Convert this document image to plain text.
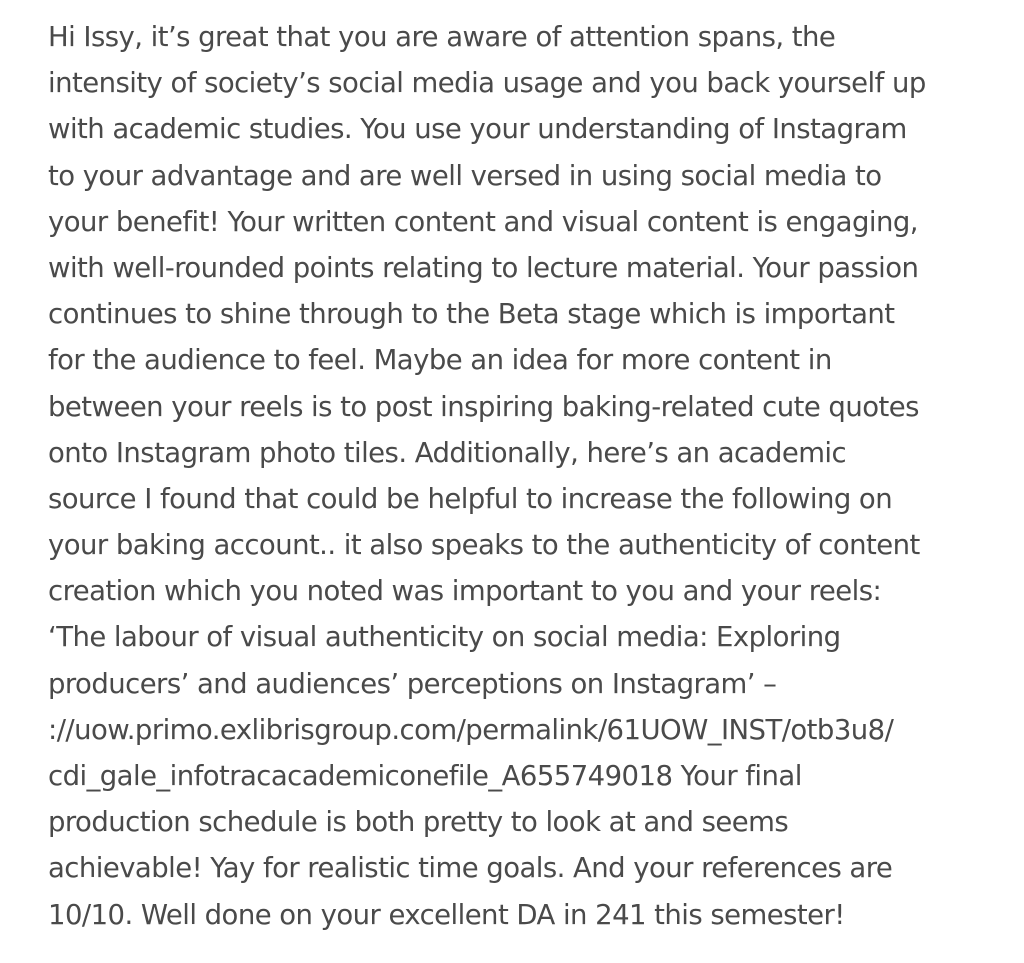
Hi Issy, it’s great that you are aware of attention spans, the
intensity of society’s social media usage and you back yourself up
with academic studies. You use your understanding of Instagram
to your advantage and are well versed in using social media to
your benefit! Your written content and visual content is engaging,
with well-rounded points relating to lecture material. Your passion
continues to shine through to the Beta stage which is important
for the audience to feel. Maybe an idea for more content in
between your reels is to post inspiring baking-related cute quotes
onto Instagram photo tiles. Additionally, here’s an academic
source I found that could be helpful to increase the following on
your baking account.. it also speaks to the authenticity of content
creation which you noted was important to you and your reels:
‘The labour of visual authenticity on social media: Exploring
producers’ and audiences’ perceptions on Instagram’ –
://uow.primo.exlibrisgroup.com/permalink/61UOW_INST/otb3u8/
cdi_gale_infotracacademiconefile_A655749018 Your final
production schedule is both pretty to look at and seems
achievable! Yay for realistic time goals. And your references are
10/10. Well done on your excellent DA in 241 this semester!
